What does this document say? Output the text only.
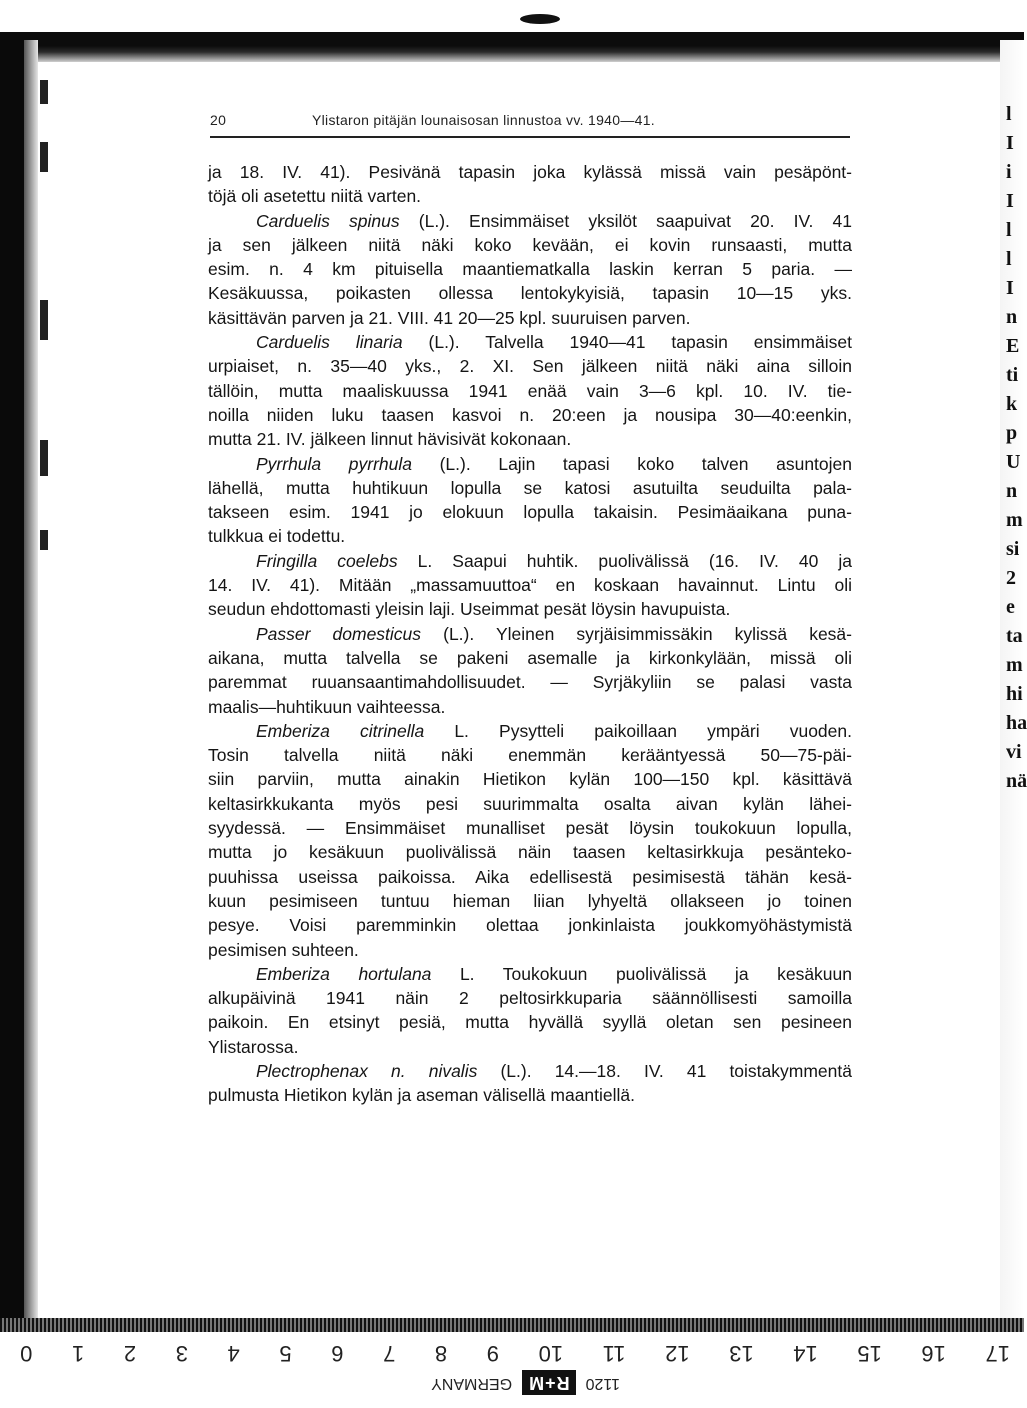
l
I
i
I
l
l
I
n
E
ti
k
p
U
n
m
si
2
e
ta
m
hi
ha
vi
nä
20	Ylistaron pitäjän lounaisosan linnustoa vv. 1940—41.
ja 18. IV. 41). Pesivänä tapasin joka kylässä missä vain pesäpönt-
töjä oli asetettu niitä varten.
Carduelis spinus (L.). Ensimmäiset yksilöt saapuivat 20. IV. 41
ja sen jälkeen niitä näki koko kevään, ei kovin runsaasti, mutta
esim. n. 4 km pituisella maantiematkalla laskin kerran 5 paria. —
Kesäkuussa, poikasten ollessa lentokykyisiä, tapasin 10—15 yks.
käsittävän parven ja 21. VIII. 41 20—25 kpl. suuruisen parven.
Carduelis linaria (L.). Talvella 1940—41 tapasin ensimmäiset
urpiaiset, n. 35—40 yks., 2. XI. Sen jälkeen niitä näki aina silloin
tällöin, mutta maaliskuussa 1941 enää vain 3—6 kpl. 10. IV. tie-
noilla niiden luku taasen kasvoi n. 20:een ja nousipa 30—40:eenkin,
mutta 21. IV. jälkeen linnut hävisivät kokonaan.
Pyrrhula pyrrhula (L.). Lajin tapasi koko talven asuntojen
lähellä, mutta huhtikuun lopulla se katosi asutuilta seuduilta pala-
takseen esim. 1941 jo elokuun lopulla takaisin. Pesimäaikana puna-
tulkkua ei todettu.
Fringilla coelebs L. Saapui huhtik. puolivälissä (16. IV. 40 ja
14. IV. 41). Mitään „massamuuttoa“ en koskaan havainnut. Lintu oli
seudun ehdottomasti yleisin laji. Useimmat pesät löysin havupuista.
Passer domesticus (L.). Yleinen syrjäisimmissäkin kylissä kesä-
aikana, mutta talvella se pakeni asemalle ja kirkonkylään, missä oli
paremmat ruuansaantimahdollisuudet. — Syrjäkyliin se palasi vasta
maalis—huhtikuun vaihteessa.
Emberiza citrinella L. Pysytteli paikoillaan ympäri vuoden.
Tosin talvella niitä näki enemmän kerääntyessä 50—75-päi-
siin parviin, mutta ainakin Hietikon kylän 100—150 kpl. käsittävä
keltasirkkukanta myös pesi suurimmalta osalta aivan kylän lähei-
syydessä. — Ensimmäiset munalliset pesät löysin toukokuun lopulla,
mutta jo kesäkuun puolivälissä näin taasen keltasirkkuja pesänteko-
puuhissa useissa paikoissa. Aika edellisestä pesimisestä tähän kesä-
kuun pesimiseen tuntuu hieman liian lyhyeltä ollakseen jo toinen
pesye. Voisi paremminkin olettaa jonkinlaista joukkomyöhästymistä
pesimisen suhteen.
Emberiza hortulana L. Toukokuun puolivälissä ja kesäkuun
alkupäivinä 1941 näin 2 peltosirkkuparia säännöllisesti samoilla
paikoin. En etsinyt pesiä, mutta hyvällä syyllä oletan sen pesineen
Ylistarossa.
Plectrophenax n. nivalis (L.). 14.—18. IV. 41 toistakymmentä
pulmusta Hietikon kylän ja aseman välisellä maantiellä.
17
16
15
14
13
12
11
10
9
8
7
6
5
4
3
2
1
0
1120
R+M
GERMANY
